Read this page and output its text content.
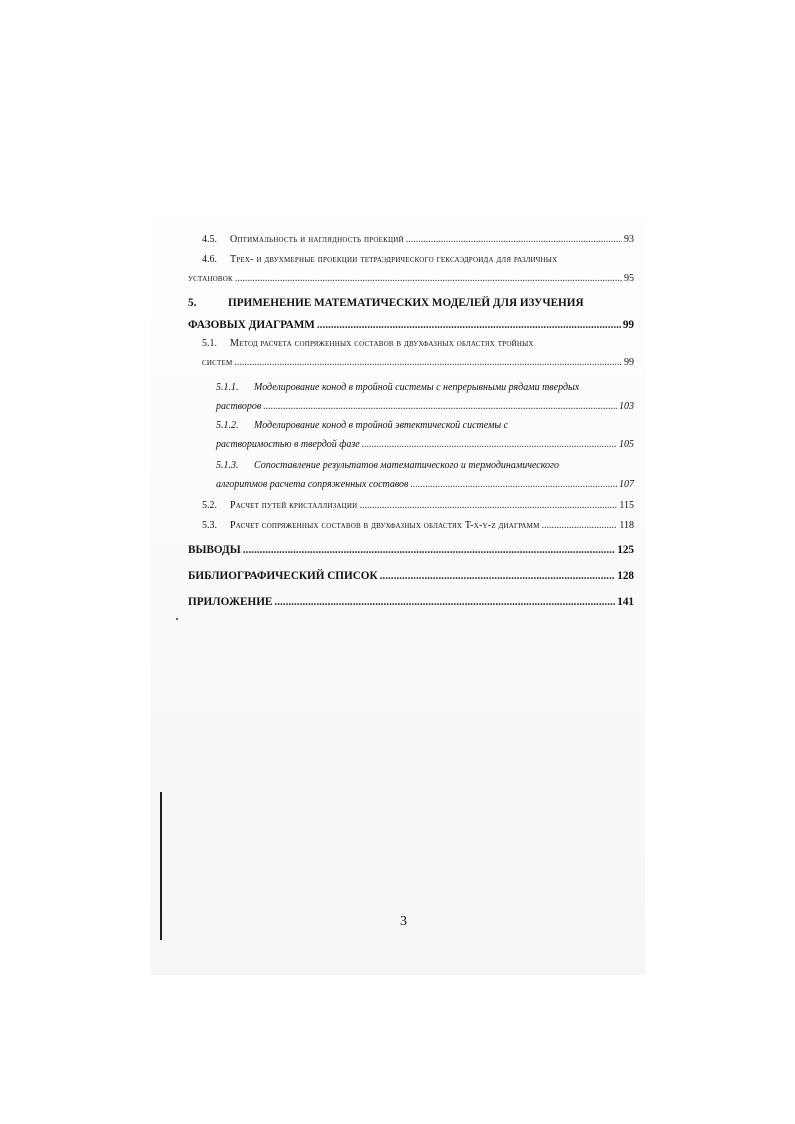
4.5.	Оптимальность и наглядность проекций .....	93
4.6.	Трех- и двухмерные проекции тетраэдрического гексаэдроида для различных
установок .....	95
5.	ПРИМЕНЕНИЕ МАТЕМАТИЧЕСКИХ МОДЕЛЕЙ ДЛЯ ИЗУЧЕНИЯ
ФАЗОВЫХ ДИАГРАММ .....	99
5.1.	Метод расчета сопряженных составов в двухфазных областях тройных
систем .....	99
5.1.1.	Моделирование конод в тройной системы с непрерывными рядами твердых
растворов .....	103
5.1.2.	Моделирование конод в тройной эвтектической системы с
растворимостью в твердой фазе .....	105
5.1.3.	Сопоставление результатов математического и термодинамического
алгоритмов расчета сопряженных составов .....	107
5.2.	Расчет путей кристаллизации .....	115
5.3.	Расчет сопряженных составов в двухфазных областях T-x-y-z диаграмм .....	118
ВЫВОДЫ .....	125
БИБЛИОГРАФИЧЕСКИЙ СПИСОК .....	128
ПРИЛОЖЕНИЕ .....	141
3
